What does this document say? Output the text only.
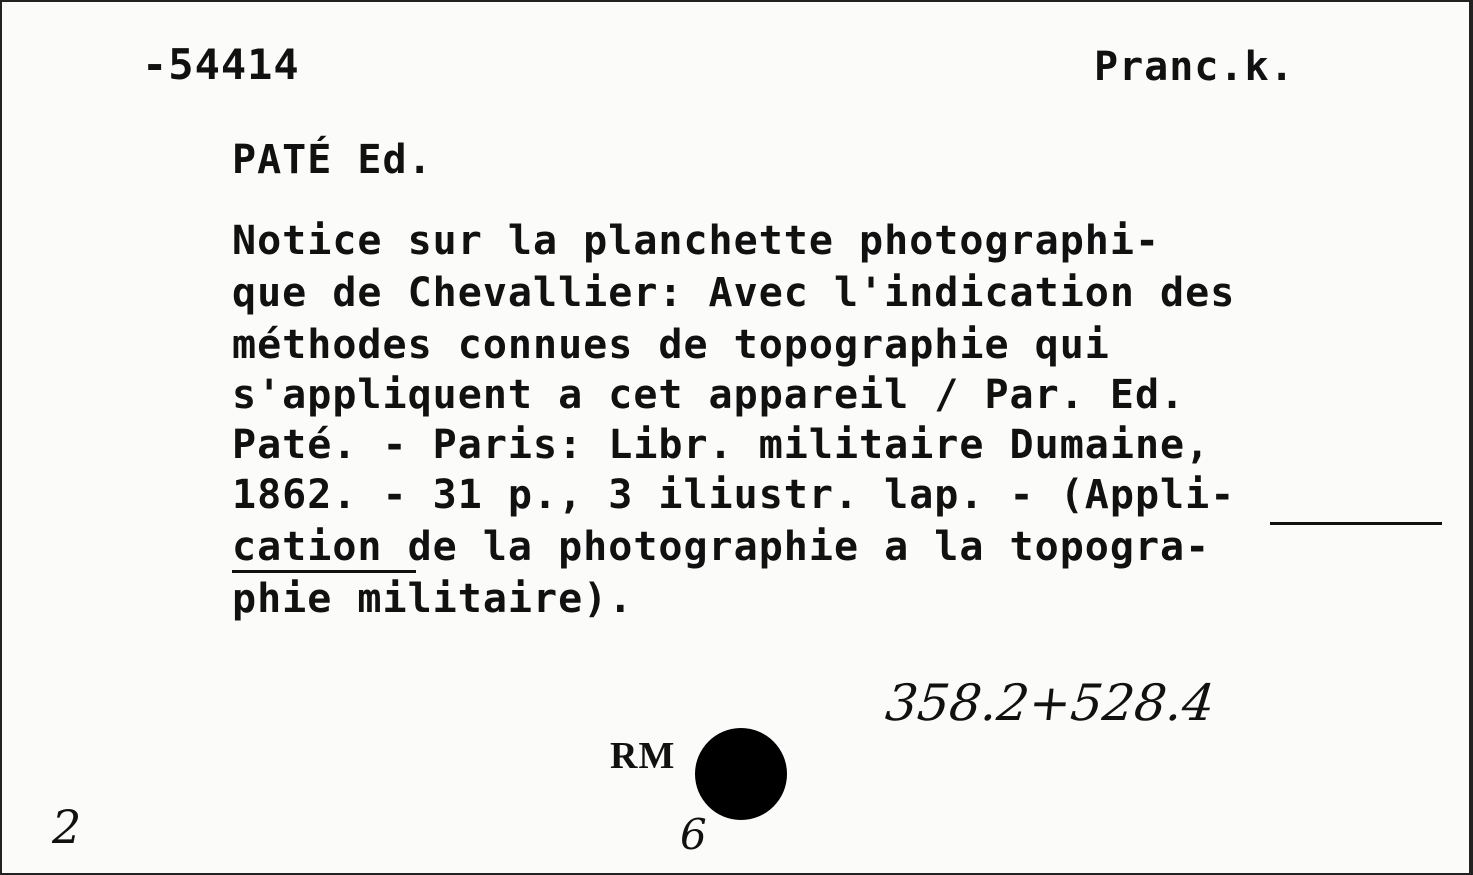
-54414	Pranc.k.
PATÉ Ed.
Notice sur la planchette photographi-
que de Chevallier: Avec l'indication des
méthodes connues de topographie qui
s'appliquent a cet appareil / Par. Ed.
Paté. - Paris: Libr. militaire Dumaine,
1862. - 31 p., 3 iliustr. lap. - (Appli-
cation de la photographie a la topogra-
phie militaire).
358.2+528.4
RM
2	6
